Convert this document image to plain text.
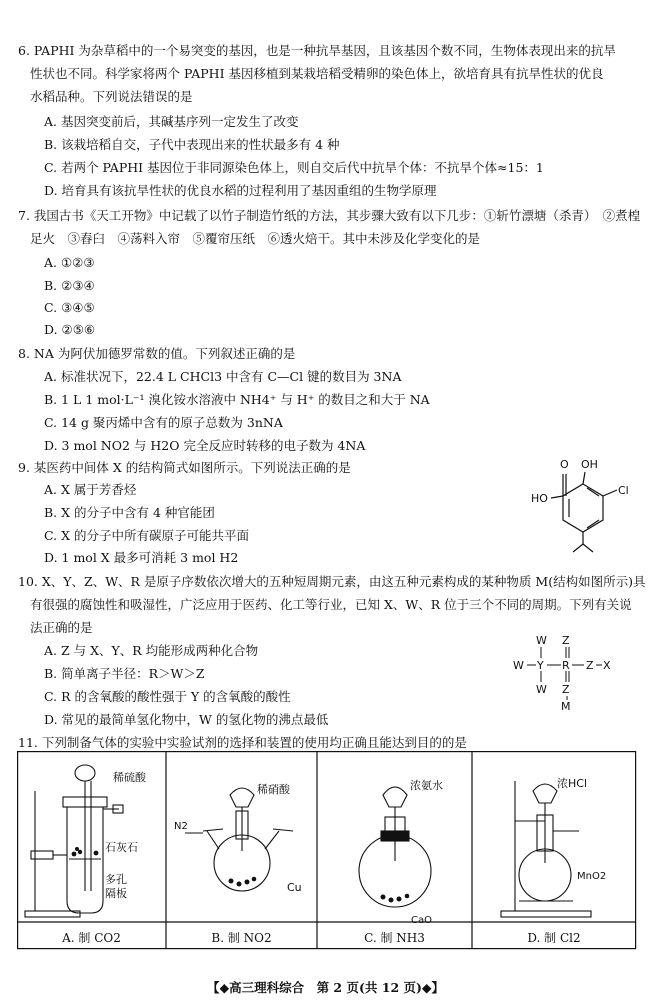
6. PAPHI 为杂草稻中的一个易突变的基因，也是一种抗旱基因，且该基因个数不同，生物体表现出来的抗旱
性状也不同。科学家将两个 PAPHI 基因移植到某栽培稻受精卵的染色体上，欲培育具有抗旱性状的优良
水稻品种。下列说法错误的是
A. 基因突变前后，其碱基序列一定发生了改变
B. 该栽培稻自交，子代中表现出来的性状最多有 4 种
C. 若两个 PAPHI 基因位于非同源染色体上，则自交后代中抗旱个体：不抗旱个体≈15：1
D. 培育具有该抗旱性状的优良水稻的过程利用了基因重组的生物学原理
7. 我国古书《天工开物》中记载了以竹子制造竹纸的方法，其步骤大致有以下几步：①斩竹漂塘（杀青）　②煮楻
足火　③舂臼　④荡料入帘　⑤覆帘压纸　⑥透火焙干。其中未涉及化学变化的是
A. ①②③
B. ②③④
C. ③④⑤
D. ②⑤⑥
8. NA 为阿伏加德罗常数的值。下列叙述正确的是
A. 标准状况下，22.4 L CHCl3 中含有 C—Cl 键的数目为 3NA
B. 1 L 1 mol·L⁻¹ 溴化铵水溶液中 NH4⁺ 与 H⁺ 的数目之和大于 NA
C. 14 g 聚丙烯中含有的原子总数为 3nNA
D. 3 mol NO2 与 H2O 完全反应时转移的电子数为 4NA
9. 某医药中间体 X 的结构简式如图所示。下列说法正确的是
A. X 属于芳香烃
B. X 的分子中含有 4 种官能团
C. X 的分子中所有碳原子可能共平面
D. 1 mol X 最多可消耗 3 mol H2
O OH
HO
Cl
10. X、Y、Z、W、R 是原子序数依次增大的五种短周期元素，由这五种元素构成的某种物质 M(结构如图所示)具
有很强的腐蚀性和吸湿性，广泛应用于医药、化工等行业，已知 X、W、R 位于三个不同的周期。下列有关说
法正确的是
A. Z 与 X、Y、R 均能形成两种化合物
B. 简单离子半径：R＞W＞Z
C. R 的含氧酸的酸性强于 Y 的含氧酸的酸性
D. 常见的最简单氢化物中，W 的氢化物的沸点最低
W Z
W Y R Z X
W Z
M
11. 下列制备气体的实验中实验试剂的选择和装置的使用均正确且能达到目的的是
稀硫酸
石灰石
多孔
隔板
N2
稀硝酸
Cu
浓氨水
CaO
浓HCl
MnO2
A. 制 CO2	B. 制 NO2	C. 制 NH3	D. 制 Cl2
【◆高三理科综合　第 2 页(共 12 页)◆】
